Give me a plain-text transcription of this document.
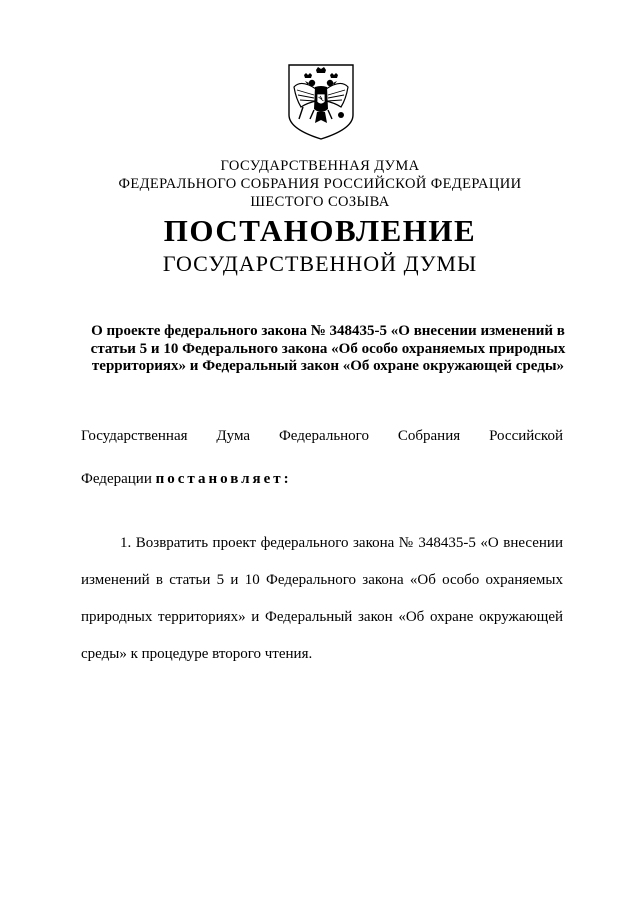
ГОСУДАРСТВЕННАЯ ДУМА
ФЕДЕРАЛЬНОГО СОБРАНИЯ РОССИЙСКОЙ ФЕДЕРАЦИИ
ШЕСТОГО СОЗЫВА
ПОСТАНОВЛЕНИЕ
ГОСУДАРСТВЕННОЙ ДУМЫ
О проекте федерального закона № 348435-5 «О внесении изменений в статьи 5 и 10 Федерального закона «Об особо охраняемых природных территориях» и Федеральный закон «Об охране окружающей среды»
Государственная Дума Федерального Собрания Российской
Федерации постановляет:
1. Возвратить проект федерального закона № 348435-5 «О внесении изменений в статьи 5 и 10 Федерального закона «Об особо охраняемых природных территориях» и Федеральный закон «Об охране окружающей среды» к процедуре второго чтения.
